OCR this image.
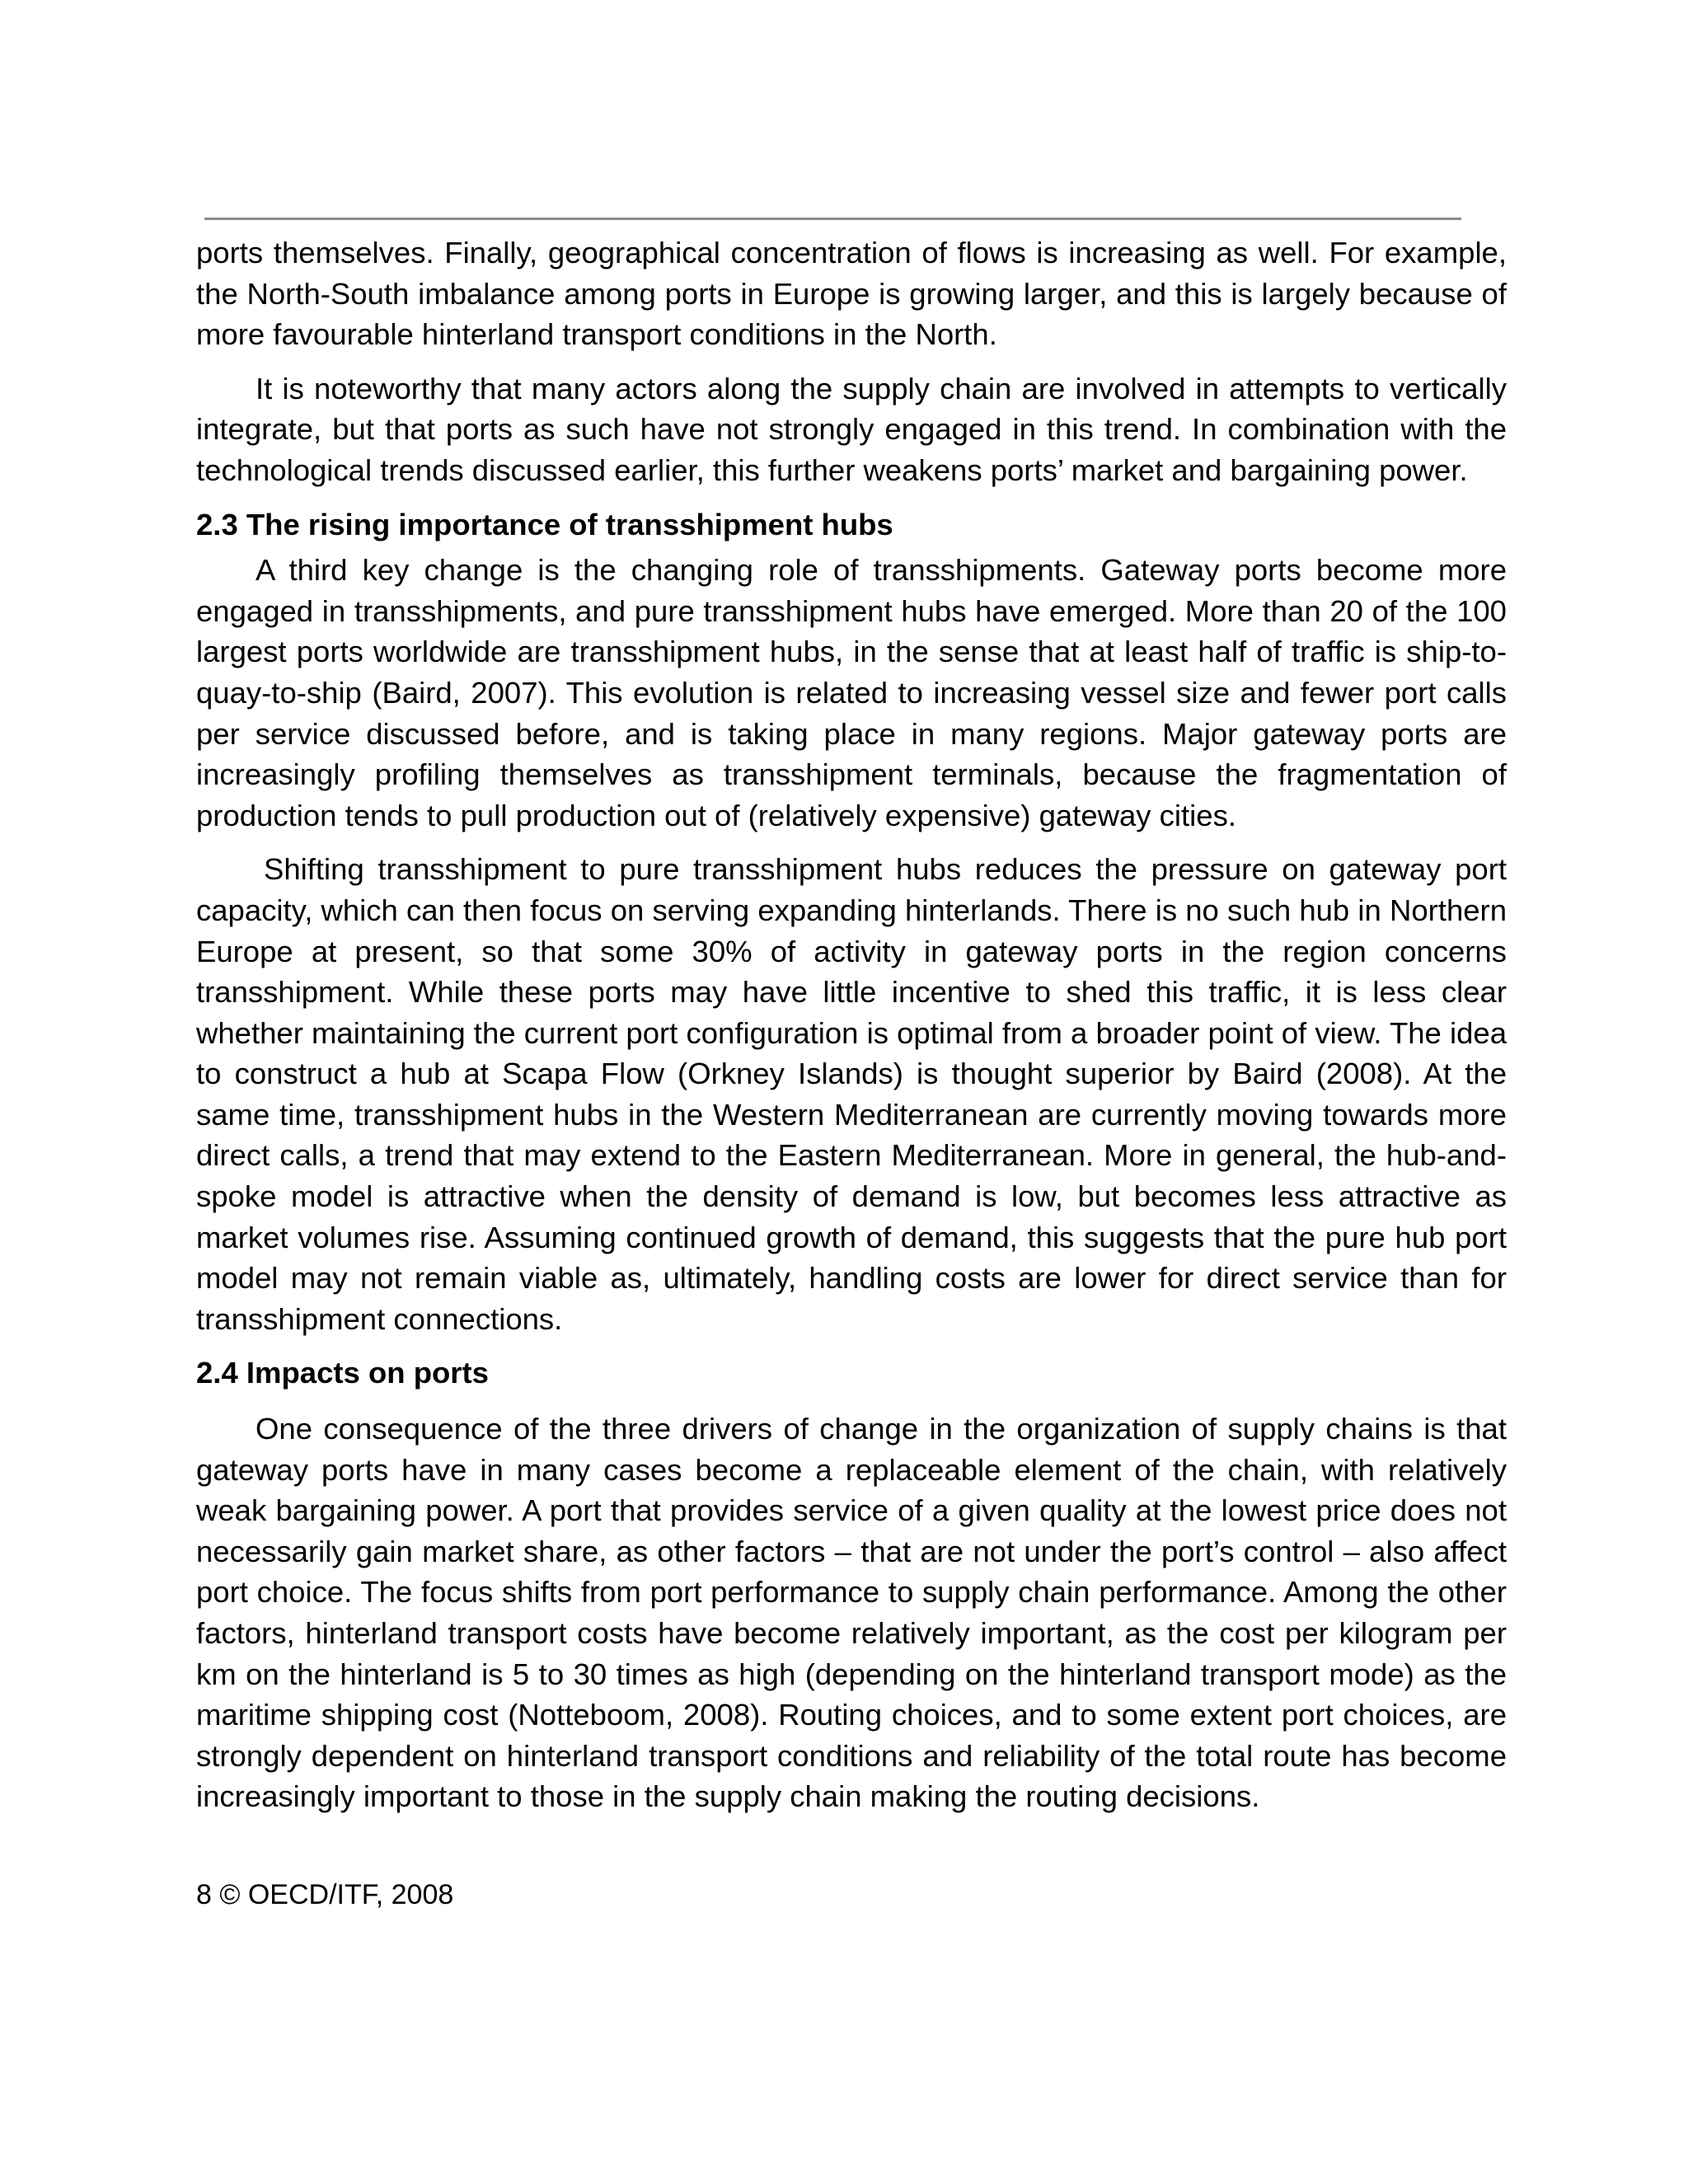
ports themselves. Finally, geographical concentration of flows is increasing as well. For example, the North-South imbalance among ports in Europe is growing larger, and this is largely because of more favourable hinterland transport conditions in the North.

It is noteworthy that many actors along the supply chain are involved in attempts to vertically integrate, but that ports as such have not strongly engaged in this trend. In combination with the technological trends discussed earlier, this further weakens ports’ market and bargaining power.

2.3 The rising importance of transshipment hubs

A third key change is the changing role of transshipments. Gateway ports become more engaged in transshipments, and pure transshipment hubs have emerged. More than 20 of the 100 largest ports worldwide are transshipment hubs, in the sense that at least half of traffic is ship-to-quay-to-ship (Baird, 2007). This evolution is related to increasing vessel size and fewer port calls per service discussed before, and is taking place in many regions. Major gateway ports are increasingly profiling themselves as transshipment terminals, because the fragmentation of production tends to pull production out of (relatively expensive) gateway cities.

Shifting transshipment to pure transshipment hubs reduces the pressure on gateway port capacity, which can then focus on serving expanding hinterlands. There is no such hub in Northern Europe at present, so that some 30% of activity in gateway ports in the region concerns transshipment. While these ports may have little incentive to shed this traffic, it is less clear whether maintaining the current port configuration is optimal from a broader point of view. The idea to construct a hub at Scapa Flow (Orkney Islands) is thought superior by Baird (2008). At the same time, transshipment hubs in the Western Mediterranean are currently moving towards more direct calls, a trend that may extend to the Eastern Mediterranean. More in general, the hub-and-spoke model is attractive when the density of demand is low, but becomes less attractive as market volumes rise. Assuming continued growth of demand, this suggests that the pure hub port model may not remain viable as, ultimately, handling costs are lower for direct service than for transshipment connections.

2.4 Impacts on ports

One consequence of the three drivers of change in the organization of supply chains is that gateway ports have in many cases become a replaceable element of the chain, with relatively weak bargaining power. A port that provides service of a given quality at the lowest price does not necessarily gain market share, as other factors – that are not under the port’s control – also affect port choice. The focus shifts from port performance to supply chain performance. Among the other factors, hinterland transport costs have become relatively important, as the cost per kilogram per km on the hinterland is 5 to 30 times as high (depending on the hinterland transport mode) as the maritime shipping cost (Notteboom, 2008). Routing choices, and to some extent port choices, are strongly dependent on hinterland transport conditions and reliability of the total route has become increasingly important to those in the supply chain making the routing decisions.

8 © OECD/ITF, 2008
